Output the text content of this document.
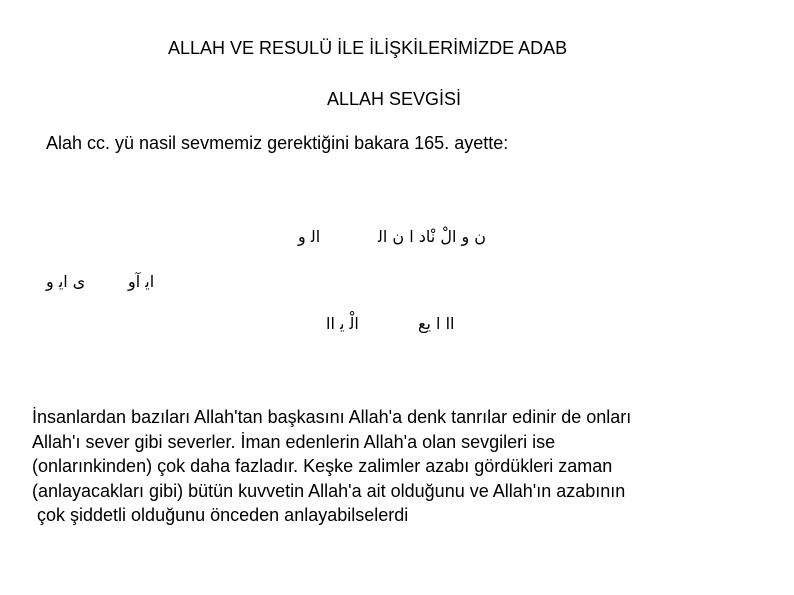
ALLAH VE RESULÜ İLE İLİŞKİLERİMİZDE ADAB
ALLAH SEVGİSİ

Alah cc. yü nasil sevmemiz gerektiğini bakara 165. ayette:

ن و الْ نْاد ﺍ ﻥ ﺍﻟ
ﺍﻟ ﻭ
ﺍﻳ ﺁﻭ
ﻯ ﺍﻳ ﻭ
ﺍﺍ ﺍ ﻳﻊ
ﺍﻟْ ﻳ ﺍﺍ

İnsanlardan bazıları Allah'tan başkasını Allah'a denk tanrılar edinir de onları
Allah'ı sever gibi severler. İman edenlerin Allah'a olan sevgileri ise
(onlarınkinden) çok daha fazladır. Keşke zalimler azabı gördükleri zaman
(anlayacakları gibi) bütün kuvvetin Allah'a ait olduğunu ve Allah'ın azabının
çok şiddetli olduğunu önceden anlayabilselerdi
